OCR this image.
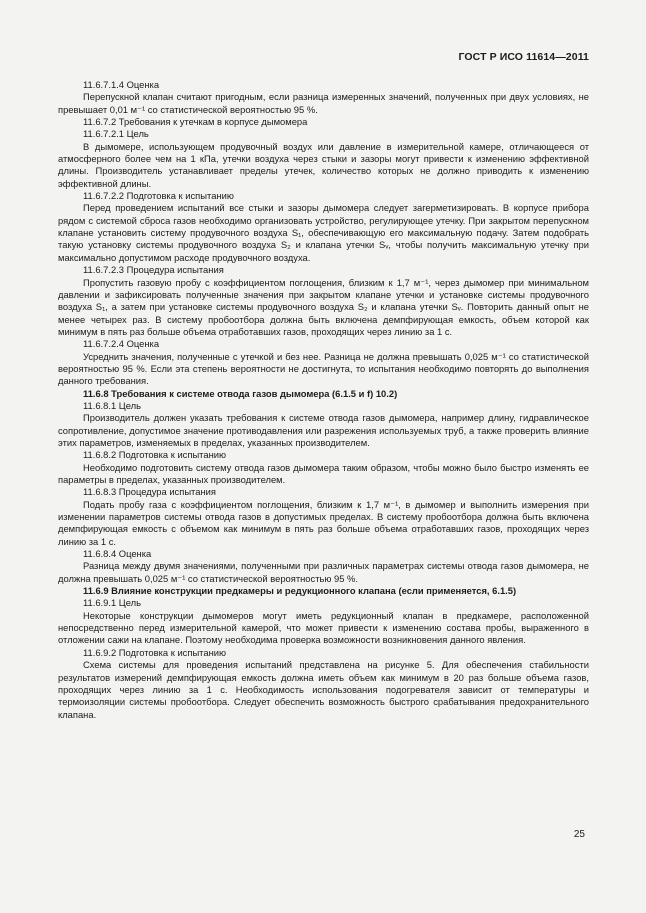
ГОСТ Р ИСО 11614—2011

11.6.7.1.4 Оценка

Перепускной клапан считают пригодным, если разница измеренных значений, полученных при двух условиях, не превышает 0,01 м⁻¹ со статистической вероятностью 95 %.

11.6.7.2 Требования к утечкам в корпусе дымомера

11.6.7.2.1 Цель

В дымомере, использующем продувочный воздух или давление в измерительной камере, отличающееся от атмосферного более чем на 1 кПа, утечки воздуха через стыки и зазоры могут привести к изменению эффективной длины. Производитель устанавливает пределы утечек, количество которых не должно приводить к изменению эффективной длины.

11.6.7.2.2 Подготовка к испытанию

Перед проведением испытаний все стыки и зазоры дымомера следует загерметизировать. В корпусе прибора рядом с системой сброса газов необходимо организовать устройство, регулирующее утечку. При закрытом перепускном клапане установить систему продувочного воздуха S₁, обеспечивающую его максимальную подачу. Затем подобрать такую установку системы продувочного воздуха S₂ и клапана утечки Sᵥ, чтобы получить максимальную утечку при максимально допустимом расходе продувочного воздуха.

11.6.7.2.3 Процедура испытания

Пропустить газовую пробу с коэффициентом поглощения, близким к 1,7 м⁻¹, через дымомер при минимальном давлении и зафиксировать полученные значения при закрытом клапане утечки и установке системы продувочного воздуха S₁, а затем при установке системы продувочного воздуха S₂ и клапана утечки Sᵥ. Повторить данный опыт не менее четырех раз. В систему пробоотбора должна быть включена демпфирующая емкость, объем которой как минимум в пять раз больше объема отработавших газов, проходящих через линию за 1 с.

11.6.7.2.4 Оценка

Усреднить значения, полученные с утечкой и без нее. Разница не должна превышать 0,025 м⁻¹ со статистической вероятностью 95 %. Если эта степень вероятности не достигнута, то испытания необходимо повторять до выполнения данного требования.

11.6.8 Требования к системе отвода газов дымомера (6.1.5 и f) 10.2)

11.6.8.1 Цель

Производитель должен указать требования к системе отвода газов дымомера, например длину, гидравлическое сопротивление, допустимое значение противодавления или разрежения используемых труб, а также проверить влияние этих параметров, изменяемых в пределах, указанных производителем.

11.6.8.2 Подготовка к испытанию

Необходимо подготовить систему отвода газов дымомера таким образом, чтобы можно было быстро изменять ее параметры в пределах, указанных производителем.

11.6.8.3 Процедура испытания

Подать пробу газа с коэффициентом поглощения, близким к 1,7 м⁻¹, в дымомер и выполнить измерения при изменении параметров системы отвода газов в допустимых пределах. В систему пробоотбора должна быть включена демпфирующая емкость с объемом как минимум в пять раз больше объема отработавших газов, проходящих через линию за 1 с.

11.6.8.4 Оценка

Разница между двумя значениями, полученными при различных параметрах системы отвода газов дымомера, не должна превышать 0,025 м⁻¹ со статистической вероятностью 95 %.

11.6.9 Влияние конструкции предкамеры и редукционного клапана (если применяется, 6.1.5)

11.6.9.1 Цель

Некоторые конструкции дымомеров могут иметь редукционный клапан в предкамере, расположенной непосредственно перед измерительной камерой, что может привести к изменению состава пробы, выраженного в отложении сажи на клапане. Поэтому необходима проверка возможности возникновения данного явления.

11.6.9.2 Подготовка к испытанию

Схема системы для проведения испытаний представлена на рисунке 5. Для обеспечения стабильности результатов измерений демпфирующая емкость должна иметь объем как минимум в 20 раз больше объема газов, проходящих через линию за 1 с. Необходимость использования подогревателя зависит от температуры и термоизоляции системы пробоотбора. Следует обеспечить возможность быстрого срабатывания предохранительного клапана.

25
